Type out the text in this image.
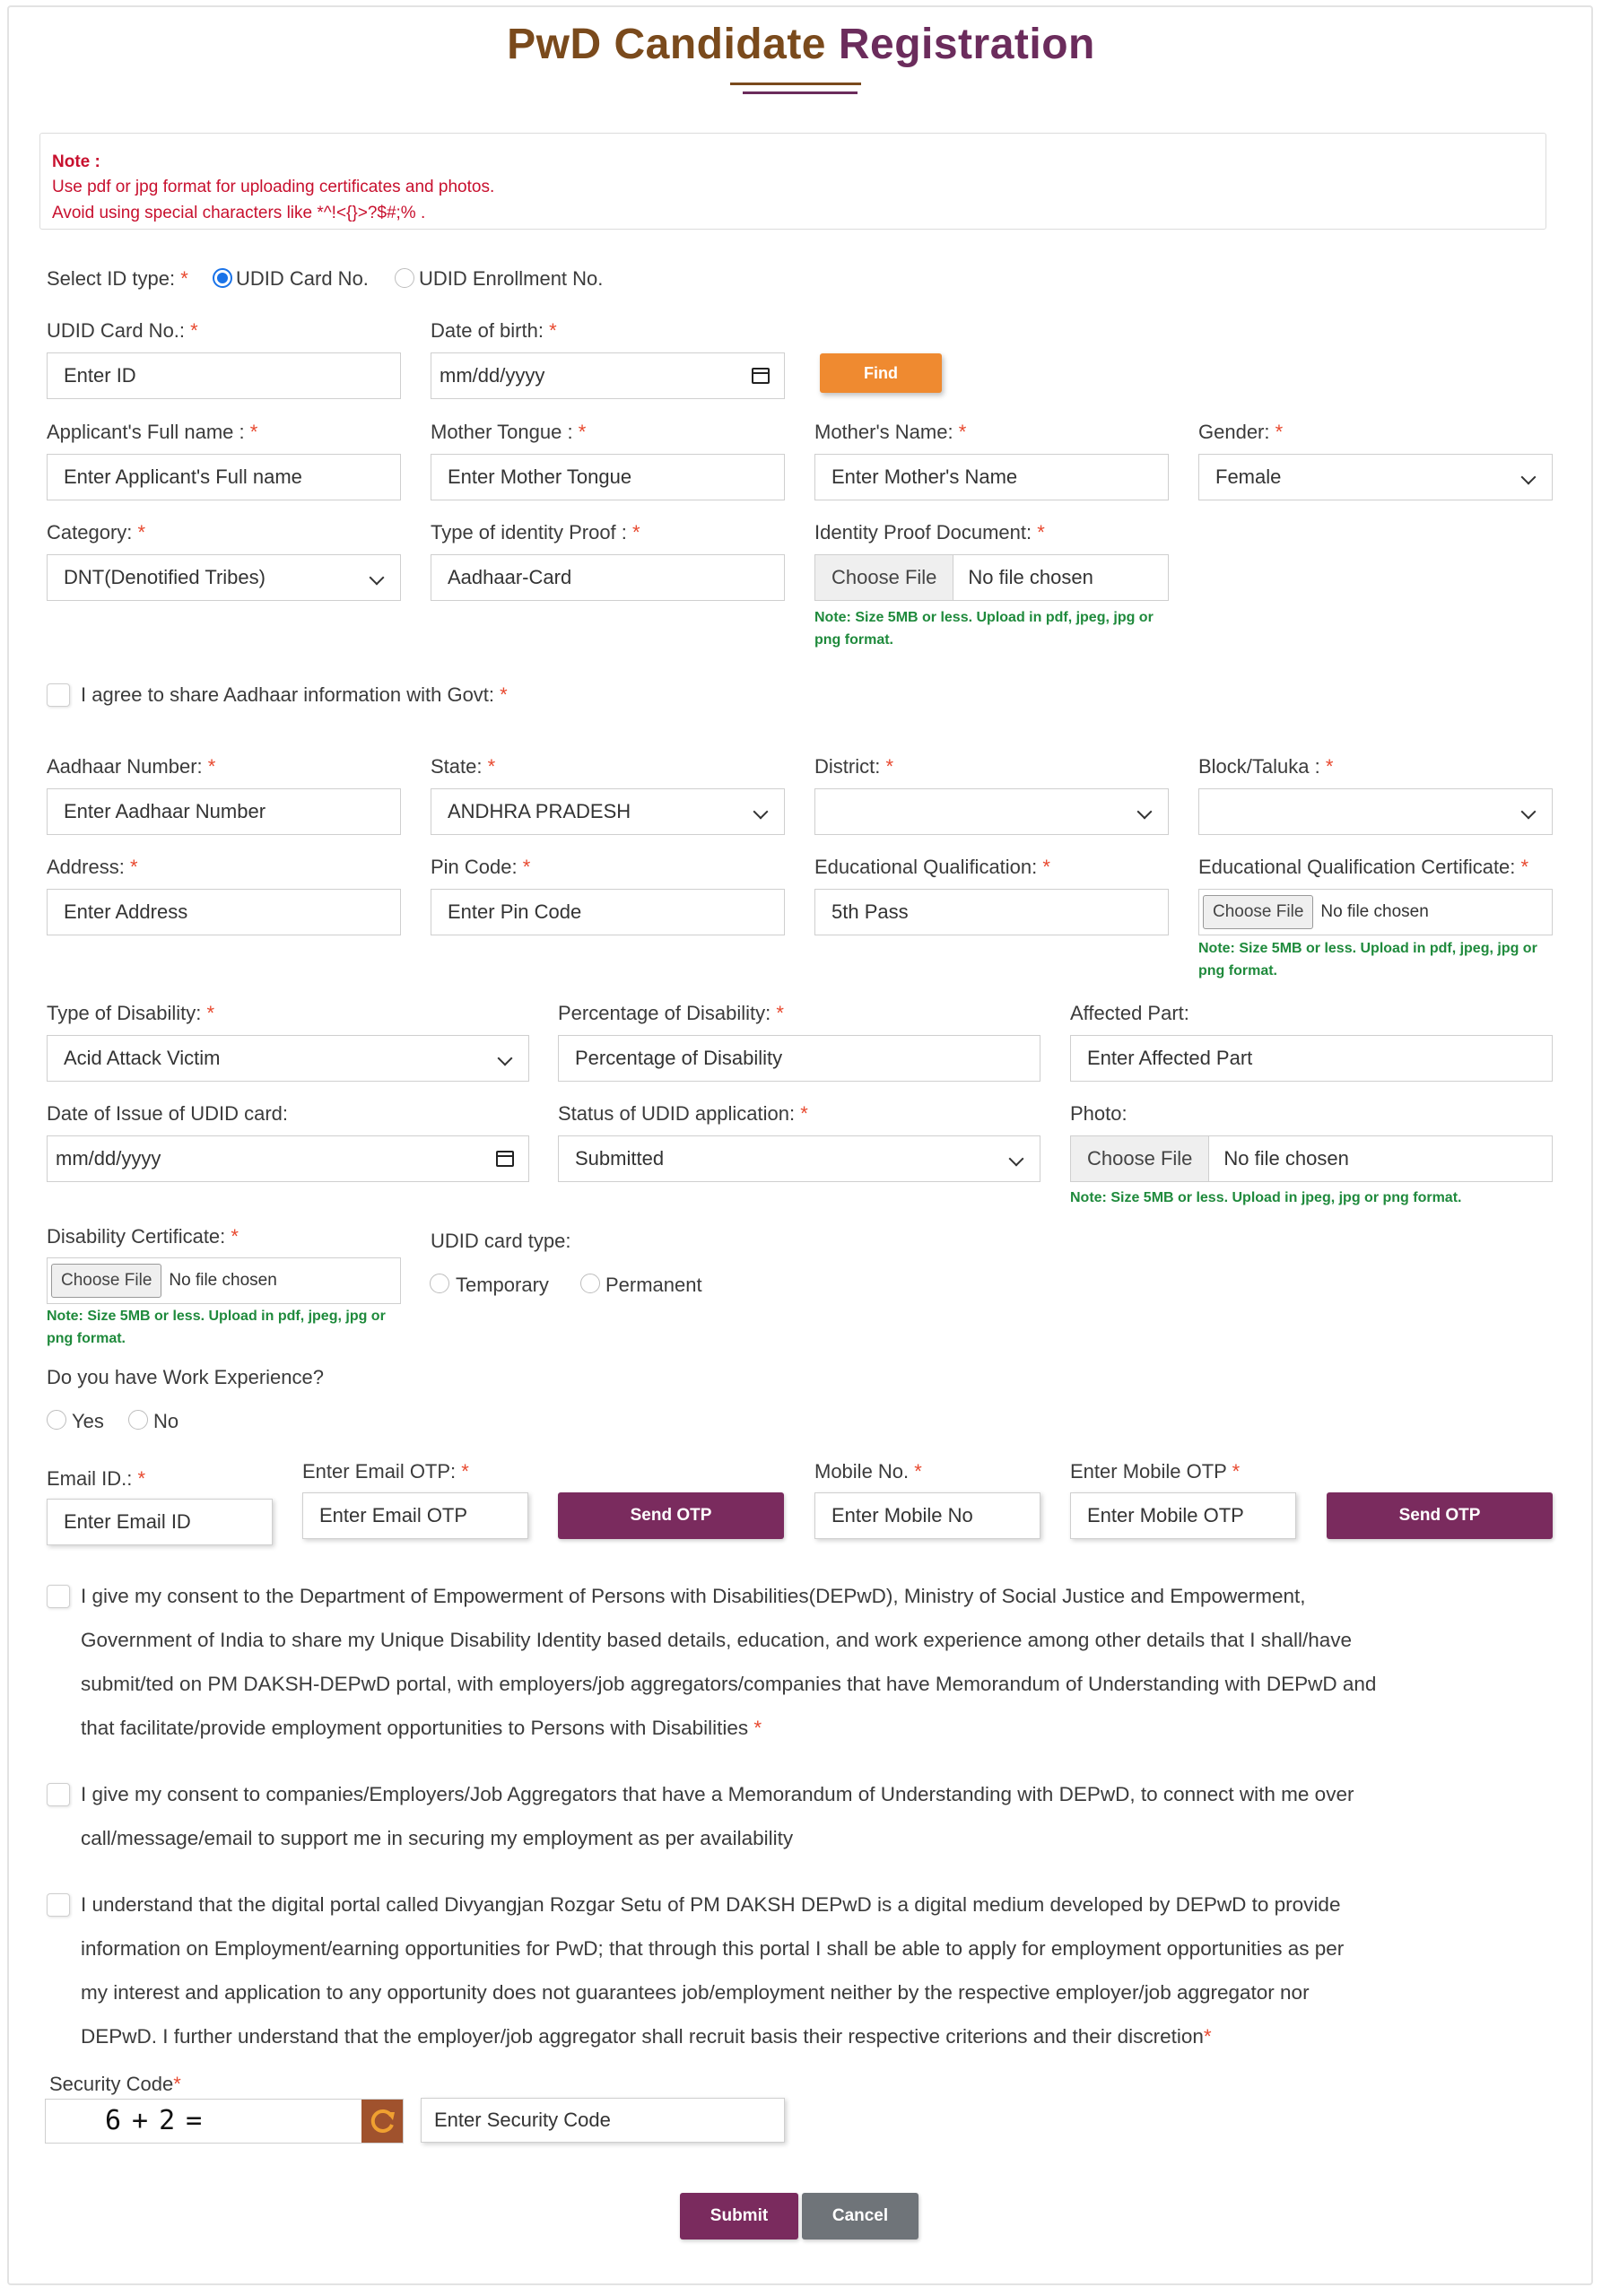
PwD Candidate Registration
Note :
Use pdf or jpg format for uploading certificates and photos.
Avoid using special characters like *^!<{}>?$#;% .
Select ID type: * UDID Card No.	UDID Enrollment No.
UDID Card No.: *
Enter ID
Date of birth: *
mm/dd/yyyy	Find
Applicant's Full name : *
Enter Applicant's Full name
Mother Tongue : *
Enter Mother Tongue
Mother's Name: *
Enter Mother's Name
Gender: *
Female
Category: *
DNT(Denotified Tribes)
Type of identity Proof : *
Aadhaar-Card
Identity Proof Document: *
Choose File	No file chosen
Note: Size 5MB or less. Upload in pdf, jpeg, jpg or
png format.
I agree to share Aadhaar information with Govt: *
Aadhaar Number: *
Enter Aadhaar Number
State: *
ANDHRA PRADESH
District: *	Block/Taluka : *
Address: *
Enter Address
Pin Code: *
Enter Pin Code
Educational Qualification: *
5th Pass
Educational Qualification Certificate: *
Choose File	No file chosen
Note: Size 5MB or less. Upload in pdf, jpeg, jpg or
png format.
Type of Disability: *
Acid Attack Victim
Percentage of Disability: *
Percentage of Disability
Affected Part:
Enter Affected Part
Date of Issue of UDID card:
mm/dd/yyyy
Status of UDID application: *
Submitted
Photo:
Choose File	No file chosen
Note: Size 5MB or less. Upload in jpeg, jpg or png format.
Disability Certificate: *
Choose File	No file chosen
Note: Size 5MB or less. Upload in pdf, jpeg, jpg or
png format.
UDID card type:
Temporary	Permanent
Do you have Work Experience?
Yes	No
Email ID.: *
Enter Email ID
Enter Email OTP: *
Enter Email OTP	Send OTP
Mobile No. *
Enter Mobile No
Enter Mobile OTP *
Enter Mobile OTP	Send OTP
I give my consent to the Department of Empowerment of Persons with Disabilities(DEPwD), Ministry of Social Justice and Empowerment,
Government of India to share my Unique Disability Identity based details, education, and work experience among other details that I shall/have
submit/ted on PM DAKSH-DEPwD portal, with employers/job aggregators/companies that have Memorandum of Understanding with DEPwD and
that facilitate/provide employment opportunities to Persons with Disabilities *
I give my consent to companies/Employers/Job Aggregators that have a Memorandum of Understanding with DEPwD, to connect with me over
call/message/email to support me in securing my employment as per availability
I understand that the digital portal called Divyangjan Rozgar Setu of PM DAKSH DEPwD is a digital medium developed by DEPwD to provide
information on Employment/earning opportunities for PwD; that through this portal I shall be able to apply for employment opportunities as per
my interest and application to any opportunity does not guarantees job/employment neither by the respective employer/job aggregator nor
DEPwD. I further understand that the employer/job aggregator shall recruit basis their respective criterions and their discretion*
Security Code*
6+2=	Enter Security Code
Submit	Cancel
